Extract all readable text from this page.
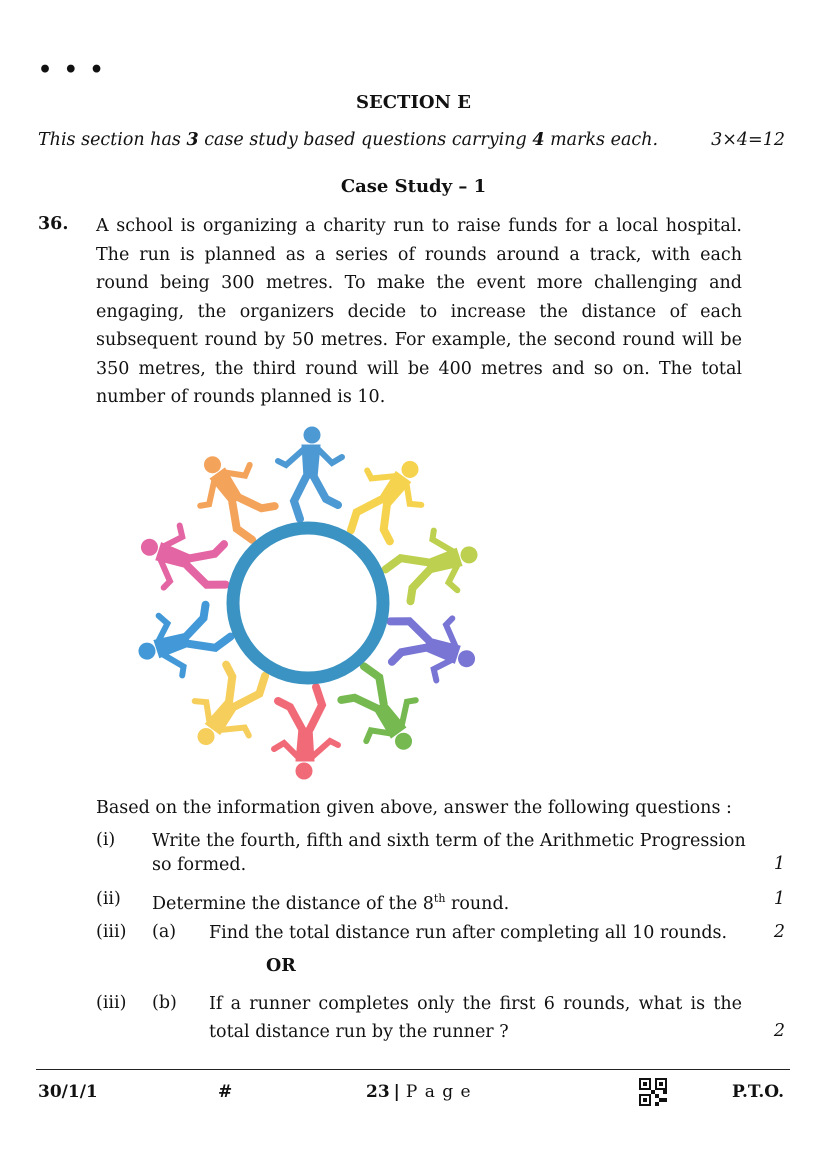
• • •
SECTION E
This section has 3 case study based questions carrying 4 marks each.	3×4=12
Case Study – 1
36. A school is organizing a charity run to raise funds for a local hospital. The run is planned as a series of rounds around a track, with each round being 300 metres. To make the event more challenging and engaging, the organizers decide to increase the distance of each subsequent round by 50 metres. For example, the second round will be 350 metres, the third round will be 400 metres and so on. The total number of rounds planned is 10.
Based on the information given above, answer the following questions :
(i) Write the fourth, fifth and sixth term of the Arithmetic Progression
so formed.	1
(ii) Determine the distance of the 8th round.	1
(iii) (a) Find the total distance run after completing all 10 rounds.	2
OR
(iii) (b) If a runner completes only the first 6 rounds, what is the
total distance run by the runner ?	2
30/1/1	#	23 | P a g e	P.T.O.
